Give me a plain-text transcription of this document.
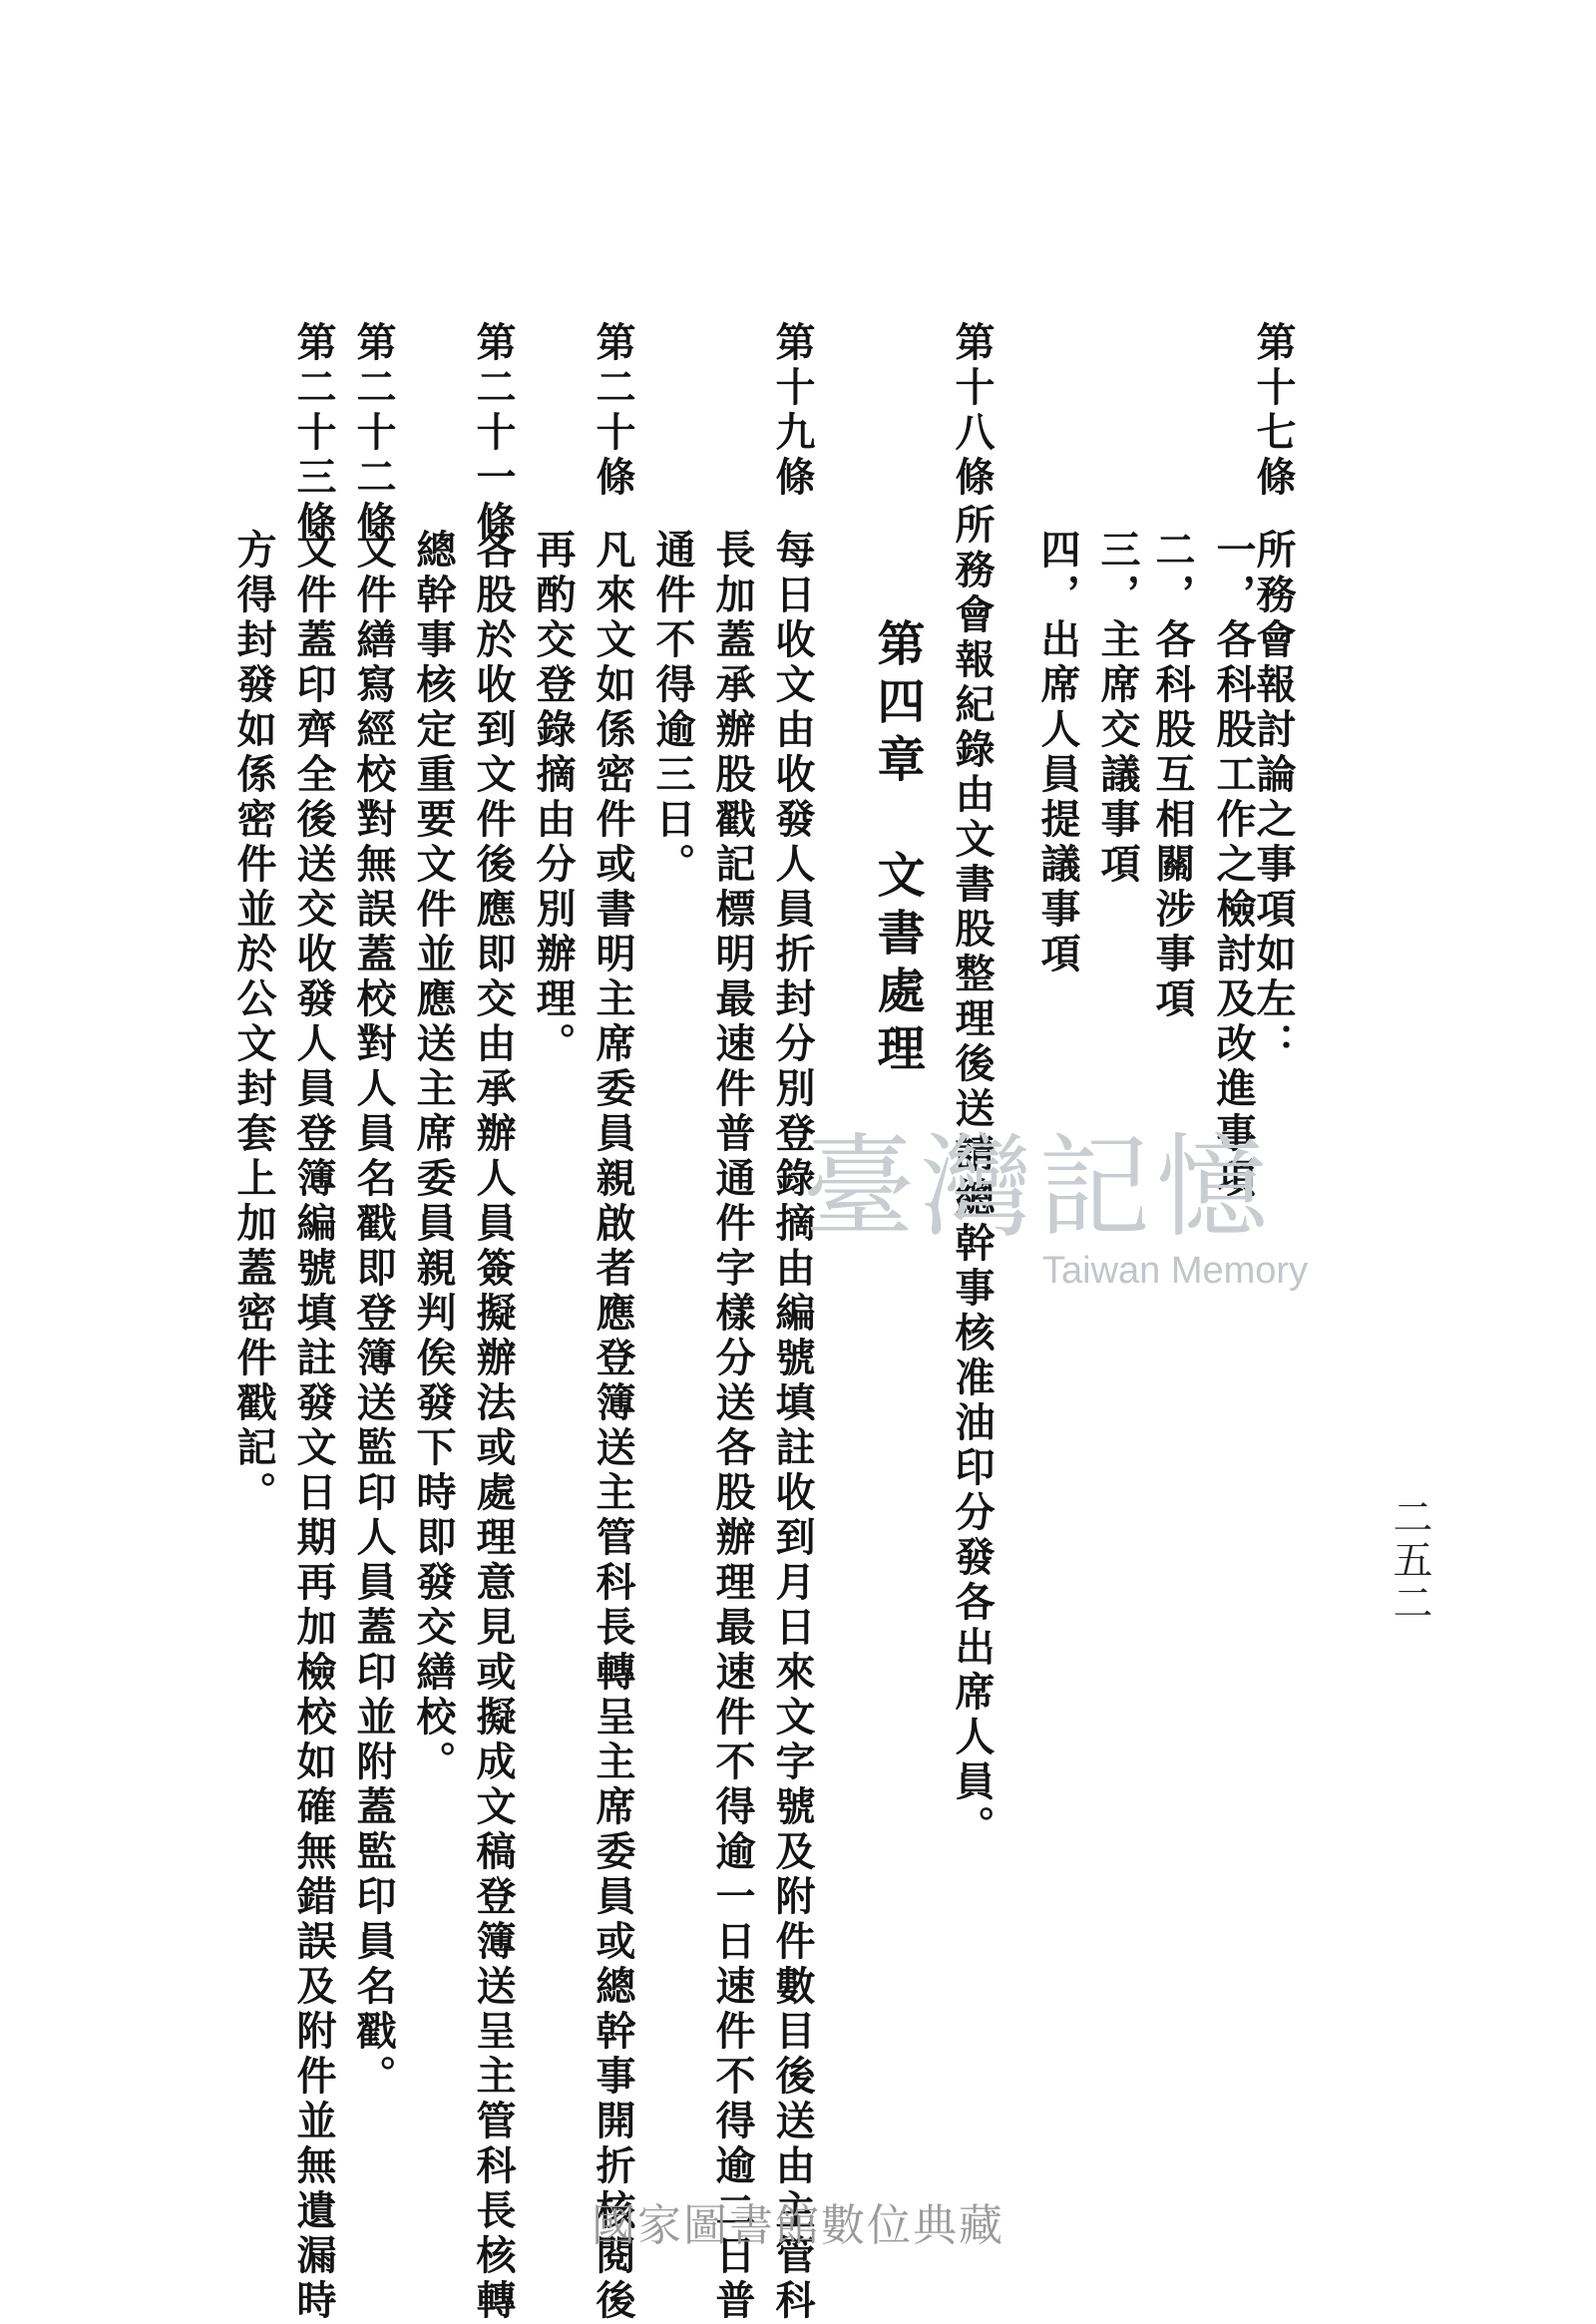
二五二
第十七條
所務會報討論之事項如左：
一，各科股工作之檢討及改進事項
二，各科股互相關涉事項
三，主席交議事項
四，出席人員提議事項
第十八條
所務會報紀錄由文書股整理後送請總幹事核准油印分發各出席人員。
第四章　文書處理
第十九條
每日收文由收發人員折封分別登錄摘由編號填註收到月日來文字號及附件數目後送由主管科
長加蓋承辦股戳記標明最速件普通件字樣分送各股辦理最速件不得逾一日速件不得逾二日普
通件不得逾三日。
第二十條
凡來文如係密件或書明主席委員親啟者應登簿送主管科長轉呈主席委員或總幹事開折核閱後
再酌交登錄摘由分別辦理。
第二十一條
各股於收到文件後應即交由承辦人員簽擬辦法或處理意見或擬成文稿登簿送呈主管科長核轉
總幹事核定重要文件並應送主席委員親判俟發下時即發交繕校。
第二十二條
文件繕寫經校對無誤蓋校對人員名戳即登簿送監印人員蓋印並附蓋監印員名戳。
第二十三條
文件蓋印齊全後送交收發人員登簿編號填註發文日期再加檢校如確無錯誤及附件並無遺漏時
方得封發如係密件並於公文封套上加蓋密件戳記。	臺灣記憶
Taiwan Memory
國家圖書館數位典藏
